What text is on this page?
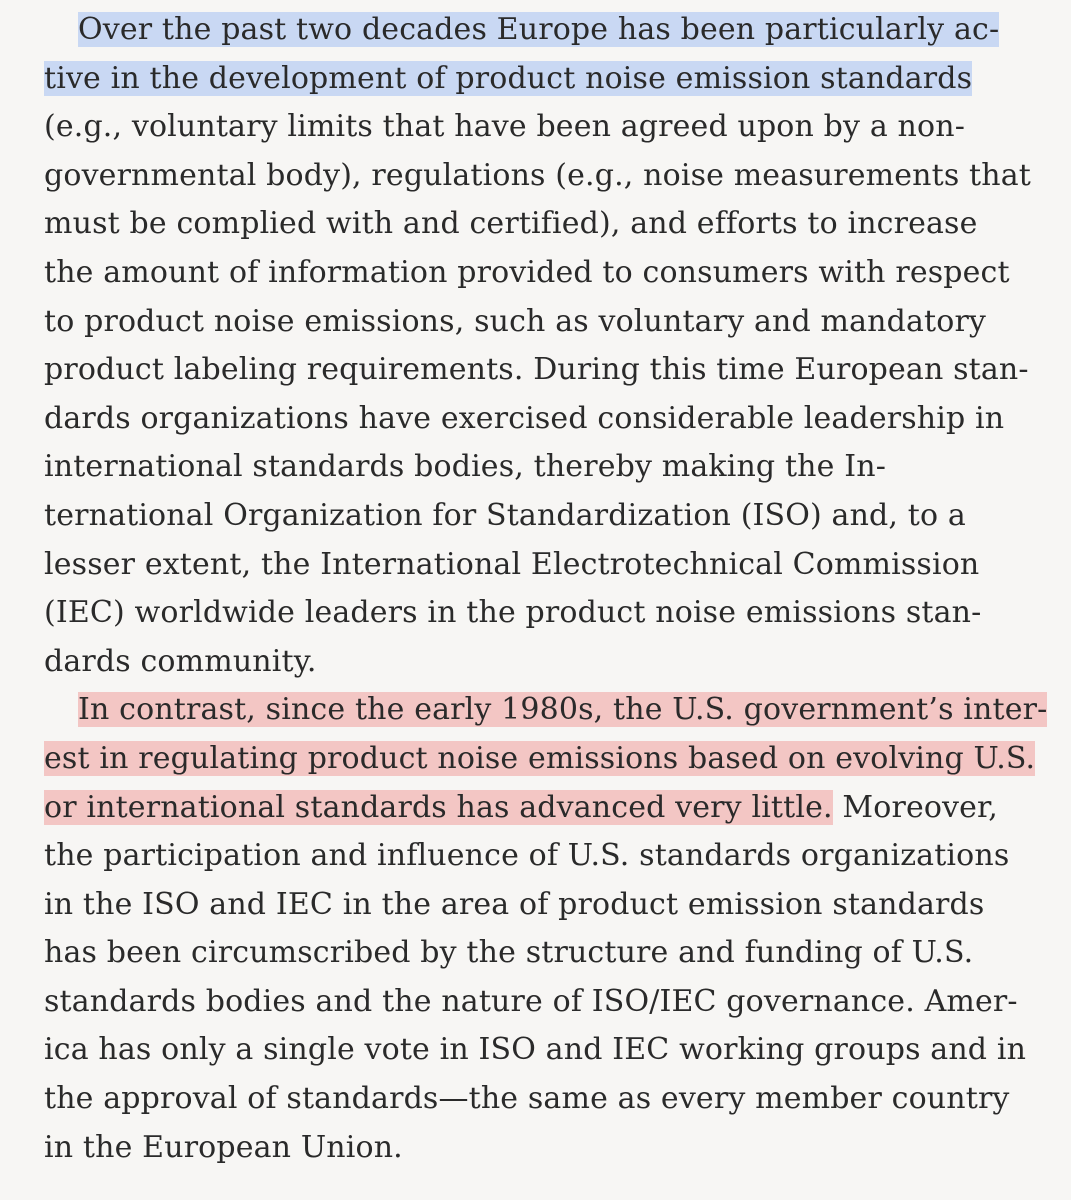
Over the past two decades Europe has been particularly ac-
tive in the development of product noise emission standards
(e.g., voluntary limits that have been agreed upon by a non-
governmental body), regulations (e.g., noise measurements that
must be complied with and certified), and efforts to increase
the amount of information provided to consumers with respect
to product noise emissions, such as voluntary and mandatory
product labeling requirements. During this time European stan-
dards organizations have exercised considerable leadership in
international standards bodies, thereby making the In-
ternational Organization for Standardization (ISO) and, to a
lesser extent, the International Electrotechnical Commission
(IEC) worldwide leaders in the product noise emissions stan-
dards community.
In contrast, since the early 1980s, the U.S. government’s inter-
est in regulating product noise emissions based on evolving U.S.
or international standards has advanced very little. Moreover,
the participation and influence of U.S. standards organizations
in the ISO and IEC in the area of product emission standards
has been circumscribed by the structure and funding of U.S.
standards bodies and the nature of ISO/IEC governance. Amer-
ica has only a single vote in ISO and IEC working groups and in
the approval of standards—the same as every member country
in the European Union.
